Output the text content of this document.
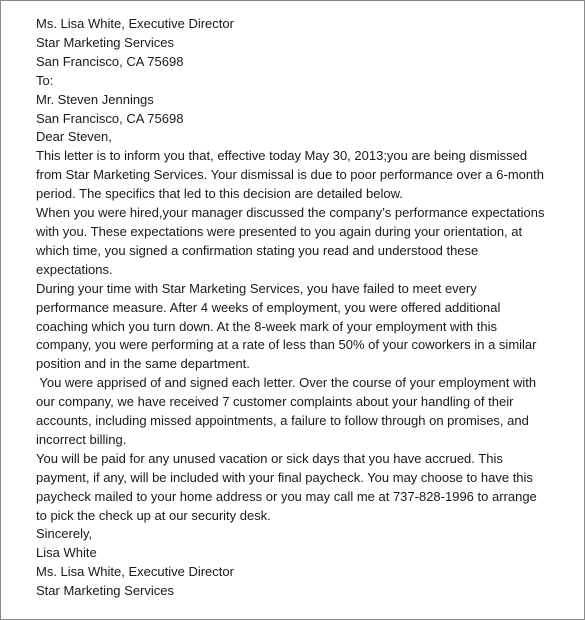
Ms. Lisa White, Executive Director
Star Marketing Services
San Francisco, CA 75698
To:
Mr. Steven Jennings
San Francisco, CA 75698
Dear Steven,
This letter is to inform you that, effective today May 30, 2013;you are being dismissed
from Star Marketing Services. Your dismissal is due to poor performance over a 6-month
period. The specifics that led to this decision are detailed below.
When you were hired,your manager discussed the company’s performance expectations
with you. These expectations were presented to you again during your orientation, at
which time, you signed a confirmation stating you read and understood these
expectations.
During your time with Star Marketing Services, you have failed to meet every
performance measure. After 4 weeks of employment, you were offered additional
coaching which you turn down. At the 8-week mark of your employment with this
company, you were performing at a rate of less than 50% of your coworkers in a similar
position and in the same department.
You were apprised of and signed each letter. Over the course of your employment with
our company, we have received 7 customer complaints about your handling of their
accounts, including missed appointments, a failure to follow through on promises, and
incorrect billing.
You will be paid for any unused vacation or sick days that you have accrued. This
payment, if any, will be included with your final paycheck. You may choose to have this
paycheck mailed to your home address or you may call me at 737-828-1996 to arrange
to pick the check up at our security desk.
Sincerely,
Lisa White
Ms. Lisa White, Executive Director
Star Marketing Services
